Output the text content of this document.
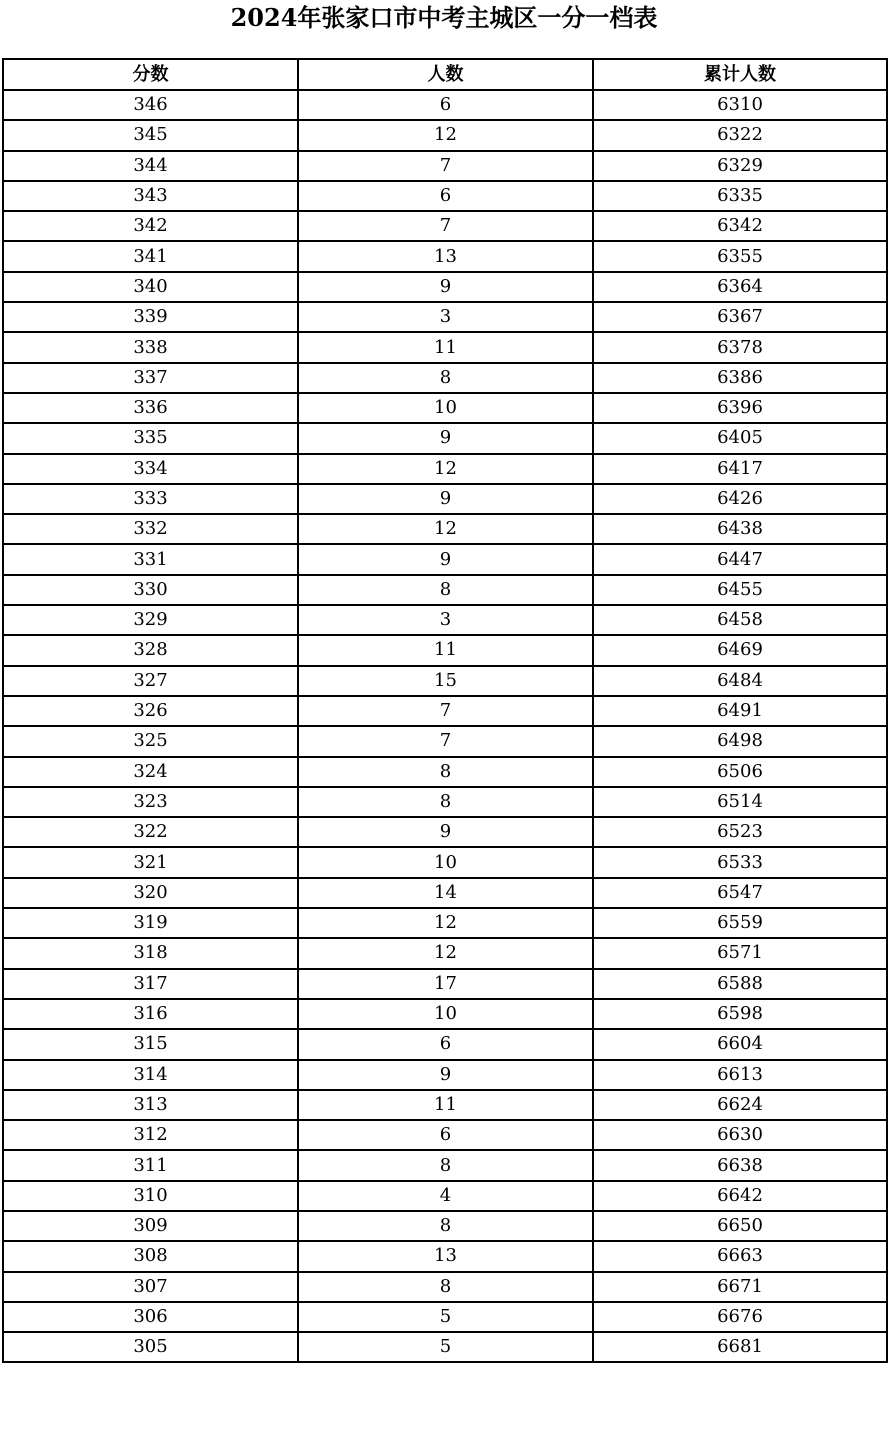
2024年张家口市中考主城区一分一档表
分数	人数	累计人数
346	6	6310
345	12	6322
344	7	6329
343	6	6335
342	7	6342
341	13	6355
340	9	6364
339	3	6367
338	11	6378
337	8	6386
336	10	6396
335	9	6405
334	12	6417
333	9	6426
332	12	6438
331	9	6447
330	8	6455
329	3	6458
328	11	6469
327	15	6484
326	7	6491
325	7	6498
324	8	6506
323	8	6514
322	9	6523
321	10	6533
320	14	6547
319	12	6559
318	12	6571
317	17	6588
316	10	6598
315	6	6604
314	9	6613
313	11	6624
312	6	6630
311	8	6638
310	4	6642
309	8	6650
308	13	6663
307	8	6671
306	5	6676
305	5	6681
